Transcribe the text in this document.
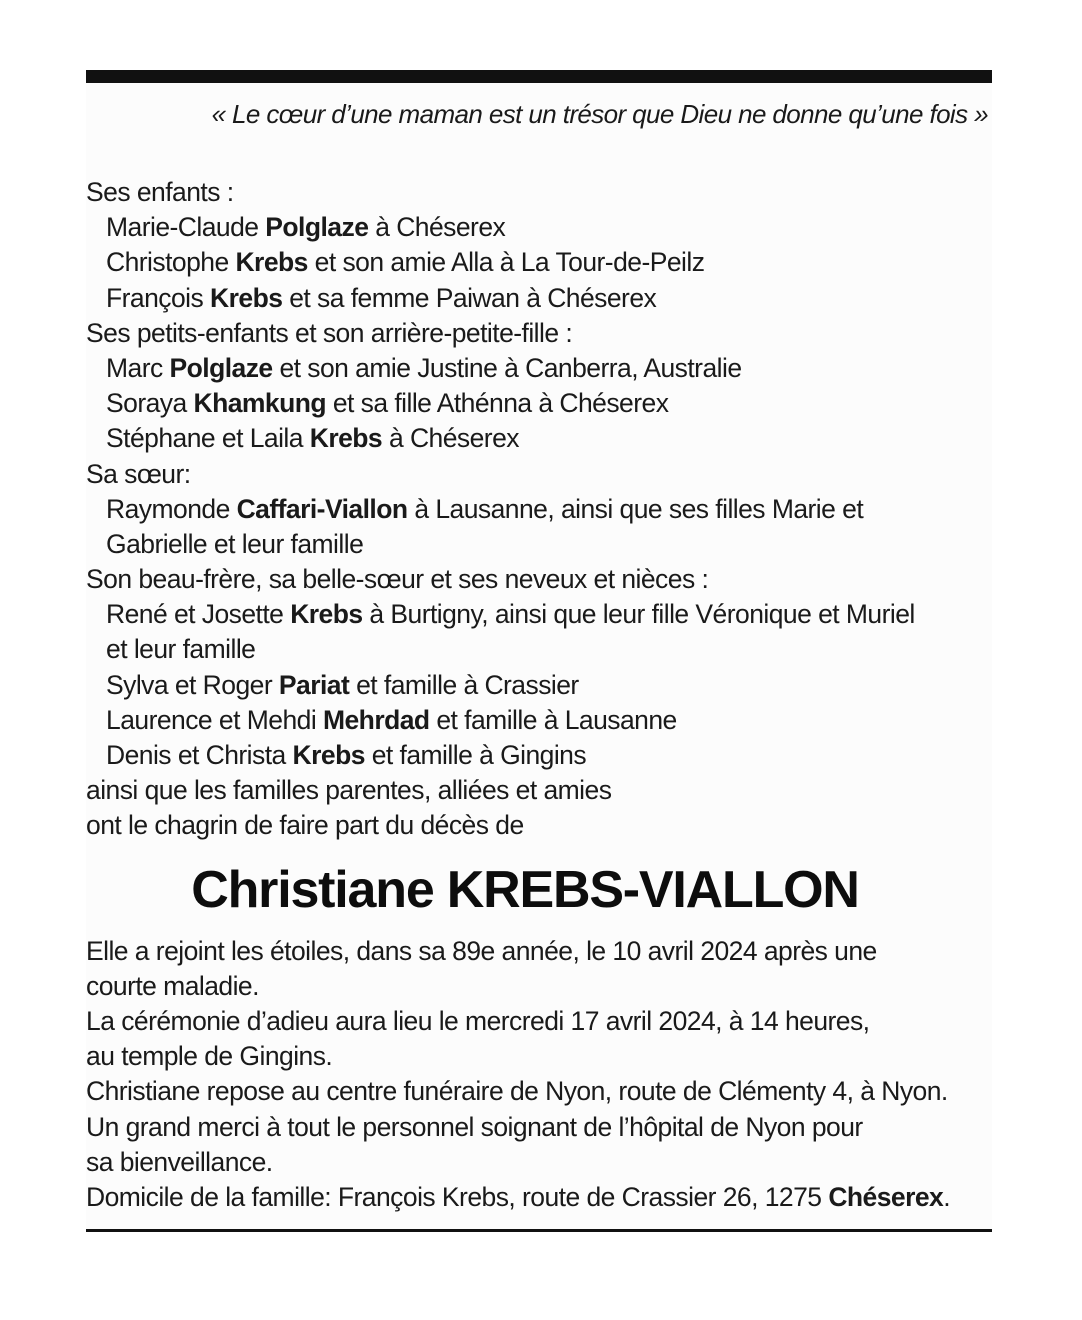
« Le cœur d’une maman est un trésor que Dieu ne donne qu’une fois »
Ses enfants :
Marie-Claude Polglaze à Chéserex
Christophe Krebs et son amie Alla à La Tour-de-Peilz
François Krebs et sa femme Paiwan à Chéserex
Ses petits-enfants et son arrière-petite-fille :
Marc Polglaze et son amie Justine à Canberra, Australie
Soraya Khamkung et sa fille Athénna à Chéserex
Stéphane et Laila Krebs à Chéserex
Sa sœur:
Raymonde Caffari-Viallon à Lausanne, ainsi que ses filles Marie et
Gabrielle et leur famille
Son beau-frère, sa belle-sœur et ses neveux et nièces :
René et Josette Krebs à Burtigny, ainsi que leur fille Véronique et Muriel
et leur famille
Sylva et Roger Pariat et famille à Crassier
Laurence et Mehdi Mehrdad et famille à Lausanne
Denis et Christa Krebs et famille à Gingins
ainsi que les familles parentes, alliées et amies
ont le chagrin de faire part du décès de
Christiane KREBS-VIALLON
Elle a rejoint les étoiles, dans sa 89e année, le 10 avril 2024 après une
courte maladie.
La cérémonie d’adieu aura lieu le mercredi 17 avril 2024, à 14 heures,
au temple de Gingins.
Christiane repose au centre funéraire de Nyon, route de Clémenty 4, à Nyon.
Un grand merci à tout le personnel soignant de l’hôpital de Nyon pour
sa bienveillance.
Domicile de la famille: François Krebs, route de Crassier 26, 1275 Chéserex.
